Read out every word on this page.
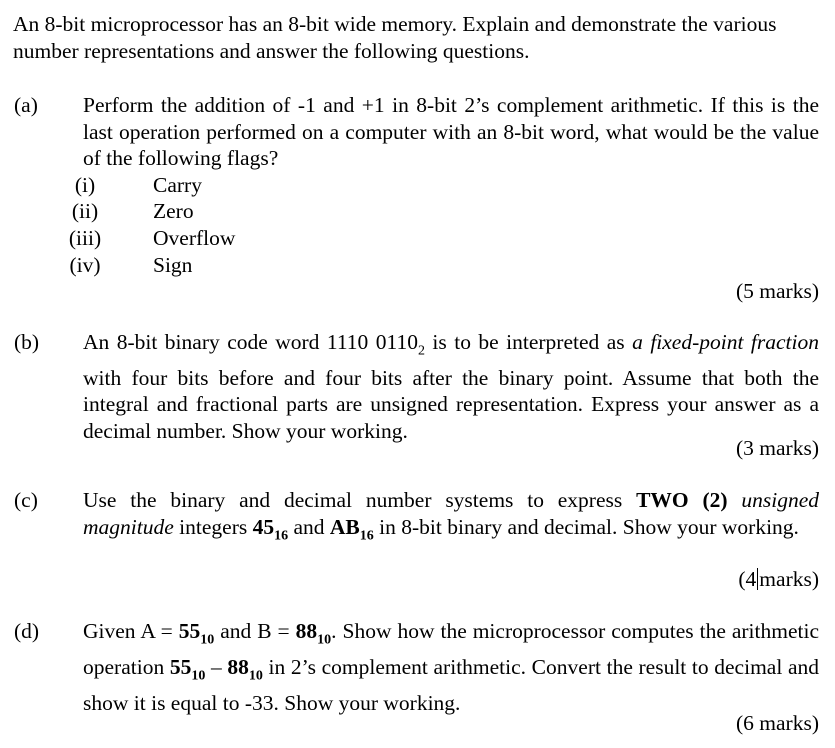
An 8-bit microprocessor has an 8-bit wide memory. Explain and demonstrate the various number representations and answer the following questions.
(a) Perform the addition of -1 and +1 in 8-bit 2’s complement arithmetic. If this is the last operation performed on a computer with an 8-bit word, what would be the value of the following flags?
(i)	Carry
(ii)	Zero
(iii)	Overflow
(iv)	Sign
(5 marks)
(b) An 8-bit binary code word 1110 $0110_2$ is to be interpreted as a fixed-point fraction with four bits before and four bits after the binary point. Assume that both the integral and fractional parts are unsigned representation. Express your answer as a decimal number. Show your working.
(3 marks)
(c) Use the binary and decimal number systems to express TWO (2) unsigned magnitude integers $45_{16}$ and $AB_{16}$ in 8-bit binary and decimal. Show your working.
(4 marks)
(d) Given $A = 55_{10}$ and $B = 88_{10}$. Show how the microprocessor computes the arithmetic operation $55_{10} - 88_{10}$ in 2’s complement arithmetic. Convert the result to decimal and show it is equal to -33. Show your working.
(6 marks)
